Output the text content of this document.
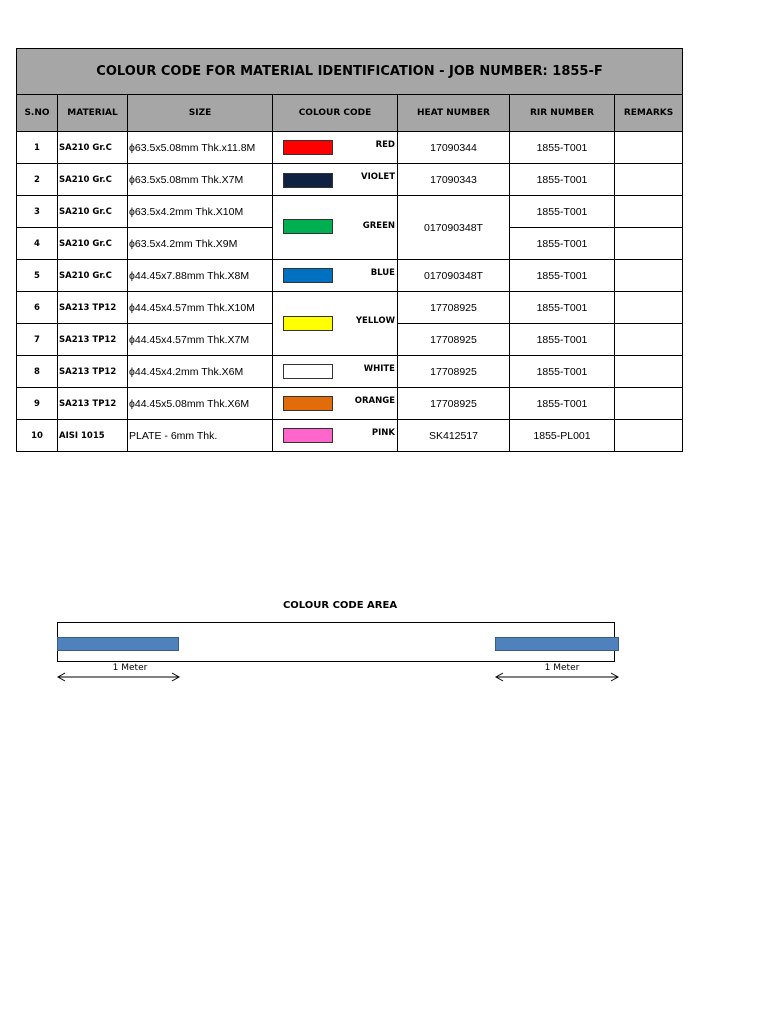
COLOUR CODE FOR MATERIAL IDENTIFICATION - JOB NUMBER: 1855-F						
S.NO	MATERIAL	SIZE	COLOUR CODE	HEAT NUMBER	RIR NUMBER	REMARKS
1	SA210 Gr.C	ϕ63.5x5.08mm Thk.x11.8M	RED	17090344	1855-T001	
2	SA210 Gr.C	ϕ63.5x5.08mm Thk.X7M	VIOLET	17090343	1855-T001	
3	SA210 Gr.C	ϕ63.5x4.2mm Thk.X10M	GREEN	017090348T	1855-T001	
4	SA210 Gr.C	ϕ63.5x4.2mm Thk.X9M			1855-T001	
5	SA210 Gr.C	ϕ44.45x7.88mm Thk.X8M	BLUE	017090348T	1855-T001	
6	SA213 TP12	ϕ44.45x4.57mm Thk.X10M	YELLOW	17708925	1855-T001	
7	SA213 TP12	ϕ44.45x4.57mm Thk.X7M		17708925	1855-T001	
8	SA213 TP12	ϕ44.45x4.2mm Thk.X6M	WHITE	17708925	1855-T001	
9	SA213 TP12	ϕ44.45x5.08mm Thk.X6M	ORANGE	17708925	1855-T001	
10	AISI 1015	PLATE - 6mm Thk.	PINK	SK412517	1855-PL001	
COLOUR CODE AREA
1 Meter	1 Meter
